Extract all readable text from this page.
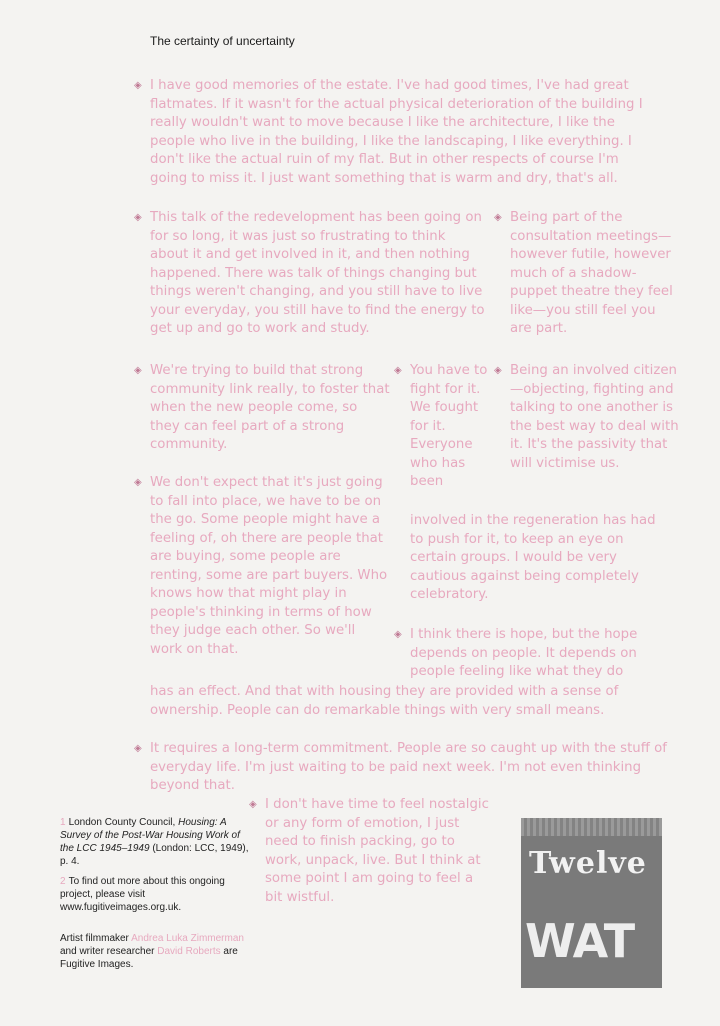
The certainty of uncertainty

◈ I have good memories of the estate. I've had good times, I've had great flatmates. If it wasn't for the actual physical deterioration of the building I really wouldn't want to move because I like the architecture, I like the people who live in the building, I like the landscaping, I like everything. I don't like the actual ruin of my flat. But in other respects of course I'm going to miss it. I just want something that is warm and dry, that's all.

◈ This talk of the redevelopment has been going on for so long, it was just so frustrating to think about it and get involved in it, and then nothing happened. There was talk of things changing but things weren't changing, and you still have to live your everyday, you still have to find the energy to get up and go to work and study.

◈ Being part of the consultation meetings—however futile, however much of a shadow-puppet theatre they feel like—you still feel you are part.

◈ We're trying to build that strong community link really, to foster that when the new people come, so they can feel part of a strong community.

◈ You have to fight for it. We fought for it. Everyone who has been

involved in the regeneration has had to push for it, to keep an eye on certain groups. I would be very cautious against being completely celebratory.

◈ Being an involved citizen—objecting, fighting and talking to one another is the best way to deal with it. It's the passivity that will victimise us.

◈ We don't expect that it's just going to fall into place, we have to be on the go. Some people might have a feeling of, oh there are people that are buying, some people are renting, some are part buyers. Who knows how that might play in people's thinking in terms of how they judge each other. So we'll work on that.

◈ I think there is hope, but the hope depends on people. It depends on people feeling like what they do

has an effect. And that with housing they are provided with a sense of ownership. People can do remarkable things with very small means.

◈ It requires a long-term commitment. People are so caught up with the stuff of everyday life. I'm just waiting to be paid next week. I'm not even thinking beyond that.

◈ I don't have time to feel nostalgic or any form of emotion, I just need to finish packing, go to work, unpack, live. But I think at some point I am going to feel a bit wistful.

1 London County Council, Housing: A Survey of the Post-War Housing Work of the LCC 1945–1949 (London: LCC, 1949), p. 4.

2 To find out more about this ongoing project, please visit www.fugitiveimages.org.uk.

Artist filmmaker Andrea Luka Zimmerman and writer researcher David Roberts are Fugitive Images.

Twelve
WAT
